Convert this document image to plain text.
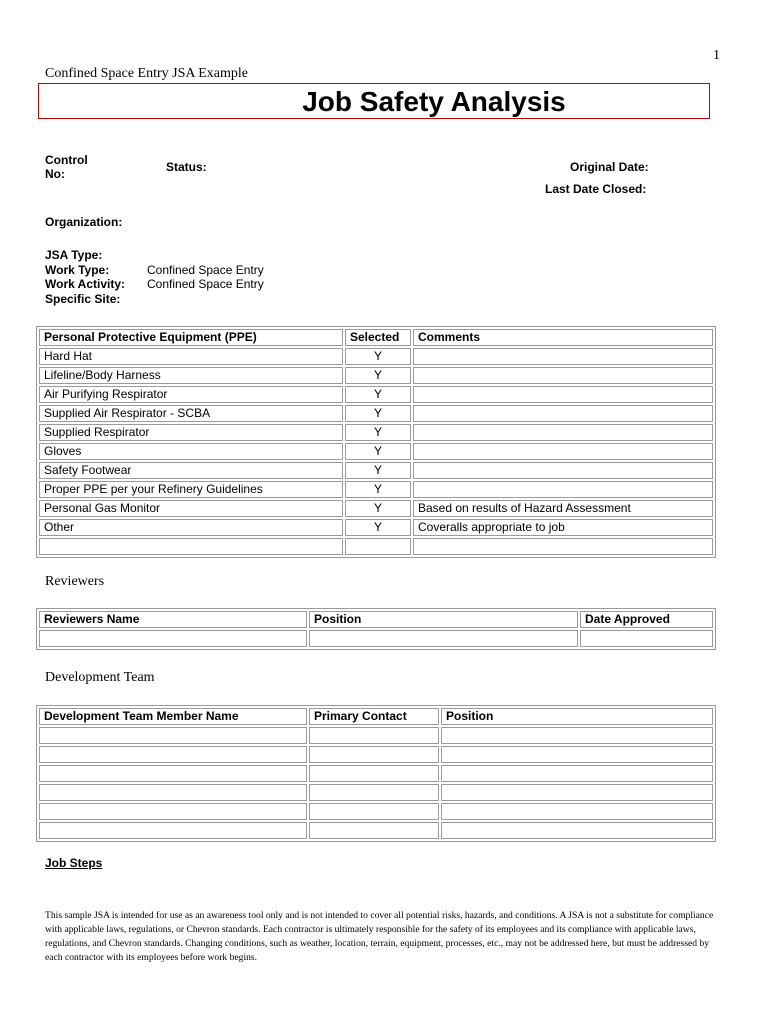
1
Confined Space Entry JSA Example
Job Safety Analysis
Control
No:	Status:	Original Date:
Last Date Closed:
Organization:
JSA Type:
Work Type:	Confined Space Entry
Work Activity: Confined Space Entry
Specific Site:
Personal Protective Equipment (PPE)	Selected	Comments
Hard Hat	Y	
Lifeline/Body Harness	Y	
Air Purifying Respirator	Y	
Supplied Air Respirator - SCBA	Y	
Supplied Respirator	Y	
Gloves	Y	
Safety Footwear	Y	
Proper PPE per your Refinery Guidelines	Y	
Personal Gas Monitor	Y	Based on results of Hazard Assessment
Other	Y	Coveralls appropriate to job

Reviewers
Reviewers Name	Position	Date Approved

Development Team
Development Team Member Name	Primary Contact	Position

Job Steps
This sample JSA is intended for use as an awareness tool only and is not intended to cover all potential risks, hazards, and conditions. A JSA is not a substitute for compliance with applicable laws, regulations, or Chevron standards. Each contractor is ultimately responsible for the safety of its employees and its compliance with applicable laws, regulations, and Chevron standards. Changing conditions, such as weather, location, terrain, equipment, processes, etc., may not be addressed here, but must be addressed by each contractor with its employees before work begins.
